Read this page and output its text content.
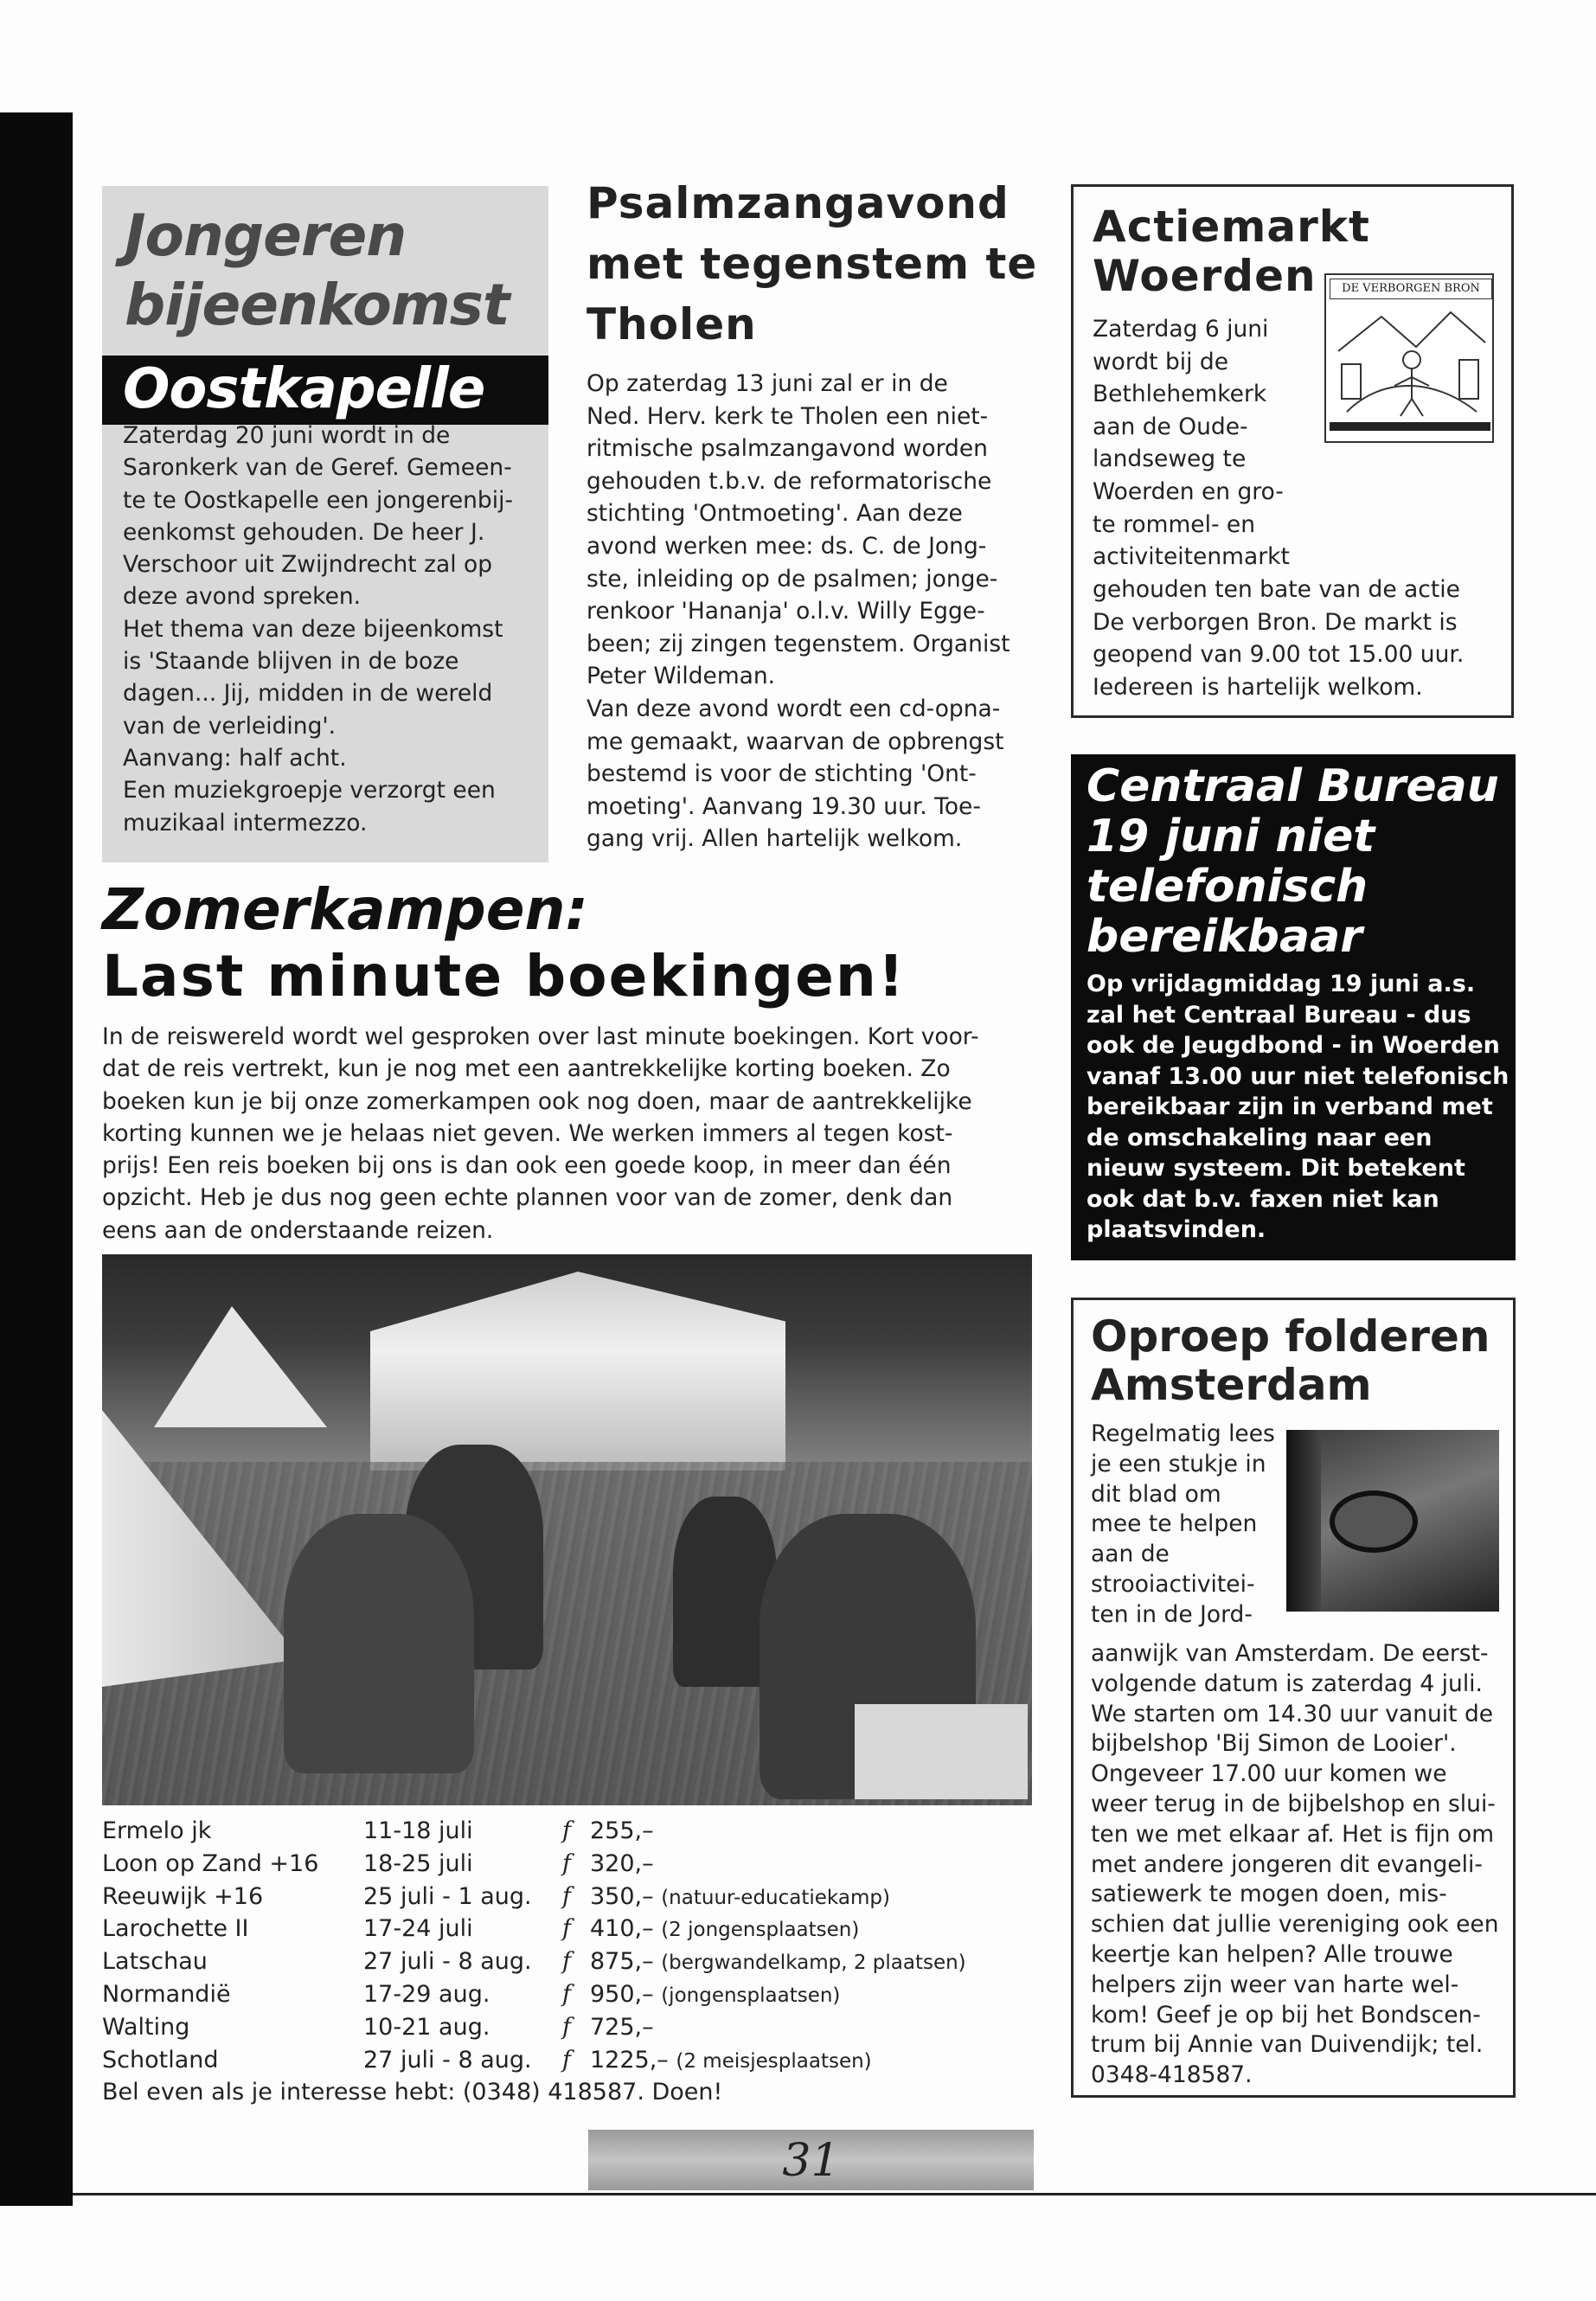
Jongeren
bijeenkomst
Oostkapelle
Zaterdag 20 juni wordt in de
Saronkerk van de Geref. Gemeen-
te te Oostkapelle een jongerenbij-
eenkomst gehouden. De heer J.
Verschoor uit Zwijndrecht zal op
deze avond spreken.
Het thema van deze bijeenkomst
is 'Staande blijven in de boze
dagen... Jij, midden in de wereld
van de verleiding'.
Aanvang: half acht.
Een muziekgroepje verzorgt een
muzikaal intermezzo.
Psalmzangavond
met tegenstem te
Tholen
Op zaterdag 13 juni zal er in de
Ned. Herv. kerk te Tholen een niet-
ritmische psalmzangavond worden
gehouden t.b.v. de reformatorische
stichting 'Ontmoeting'. Aan deze
avond werken mee: ds. C. de Jong-
ste, inleiding op de psalmen; jonge-
renkoor 'Hananja' o.l.v. Willy Egge-
been; zij zingen tegenstem. Organist
Peter Wildeman.
Van deze avond wordt een cd-opna-
me gemaakt, waarvan de opbrengst
bestemd is voor de stichting 'Ont-
moeting'. Aanvang 19.30 uur. Toe-
gang vrij. Allen hartelijk welkom.
Actiemarkt
Woerden	DE VERBORGEN BRON
Zaterdag 6 juni
wordt bij de
Bethlehemkerk
aan de Oude-
landseweg te
Woerden en gro-
te rommel- en
activiteitenmarkt
gehouden ten bate van de actie
De verborgen Bron. De markt is
geopend van 9.00 tot 15.00 uur.
Iedereen is hartelijk welkom.
Centraal Bureau
19 juni niet
telefonisch
bereikbaar
Op vrijdagmiddag 19 juni a.s.
zal het Centraal Bureau - dus
ook de Jeugdbond - in Woerden
vanaf 13.00 uur niet telefonisch
bereikbaar zijn in verband met
de omschakeling naar een
nieuw systeem. Dit betekent
ook dat b.v. faxen niet kan
plaatsvinden.
Oproep folderen
Amsterdam
Regelmatig lees
je een stukje in
dit blad om
mee te helpen
aan de
strooiactivitei-
ten in de Jord-
aanwijk van Amsterdam. De eerst-
volgende datum is zaterdag 4 juli.
We starten om 14.30 uur vanuit de
bijbelshop 'Bij Simon de Looier'.
Ongeveer 17.00 uur komen we
weer terug in de bijbelshop en slui-
ten we met elkaar af. Het is fijn om
met andere jongeren dit evangeli-
satiewerk te mogen doen, mis-
schien dat jullie vereniging ook een
keertje kan helpen? Alle trouwe
helpers zijn weer van harte wel-
kom! Geef je op bij het Bondscen-
trum bij Annie van Duivendijk; tel.
0348-418587.
Zomerkampen:
Last minute boekingen!
In de reiswereld wordt wel gesproken over last minute boekingen. Kort voor-
dat de reis vertrekt, kun je nog met een aantrekkelijke korting boeken. Zo
boeken kun je bij onze zomerkampen ook nog doen, maar de aantrekkelijke
korting kunnen we je helaas niet geven. We werken immers al tegen kost-
prijs! Een reis boeken bij ons is dan ook een goede koop, in meer dan één
opzicht. Heb je dus nog geen echte plannen voor van de zomer, denk dan
eens aan de onderstaande reizen.
Ermelo jk	11-18 juli	f 255,–
Loon op Zand +16 18-25 juli	f 320,–
Reeuwijk +16	25 juli - 1 aug. f 350,– (natuur-educatiekamp)
Larochette II	17-24 juli	f 410,– (2 jongensplaatsen)
Latschau	27 juli - 8 aug. f 875,– (bergwandelkamp, 2 plaatsen)
Normandië	17-29 aug.	f 950,– (jongensplaatsen)
Walting	10-21 aug.	f 725,–
Schotland	27 juli - 8 aug. f 1225,– (2 meisjesplaatsen)
Bel even als je interesse hebt: (0348) 418587. Doen!
31
